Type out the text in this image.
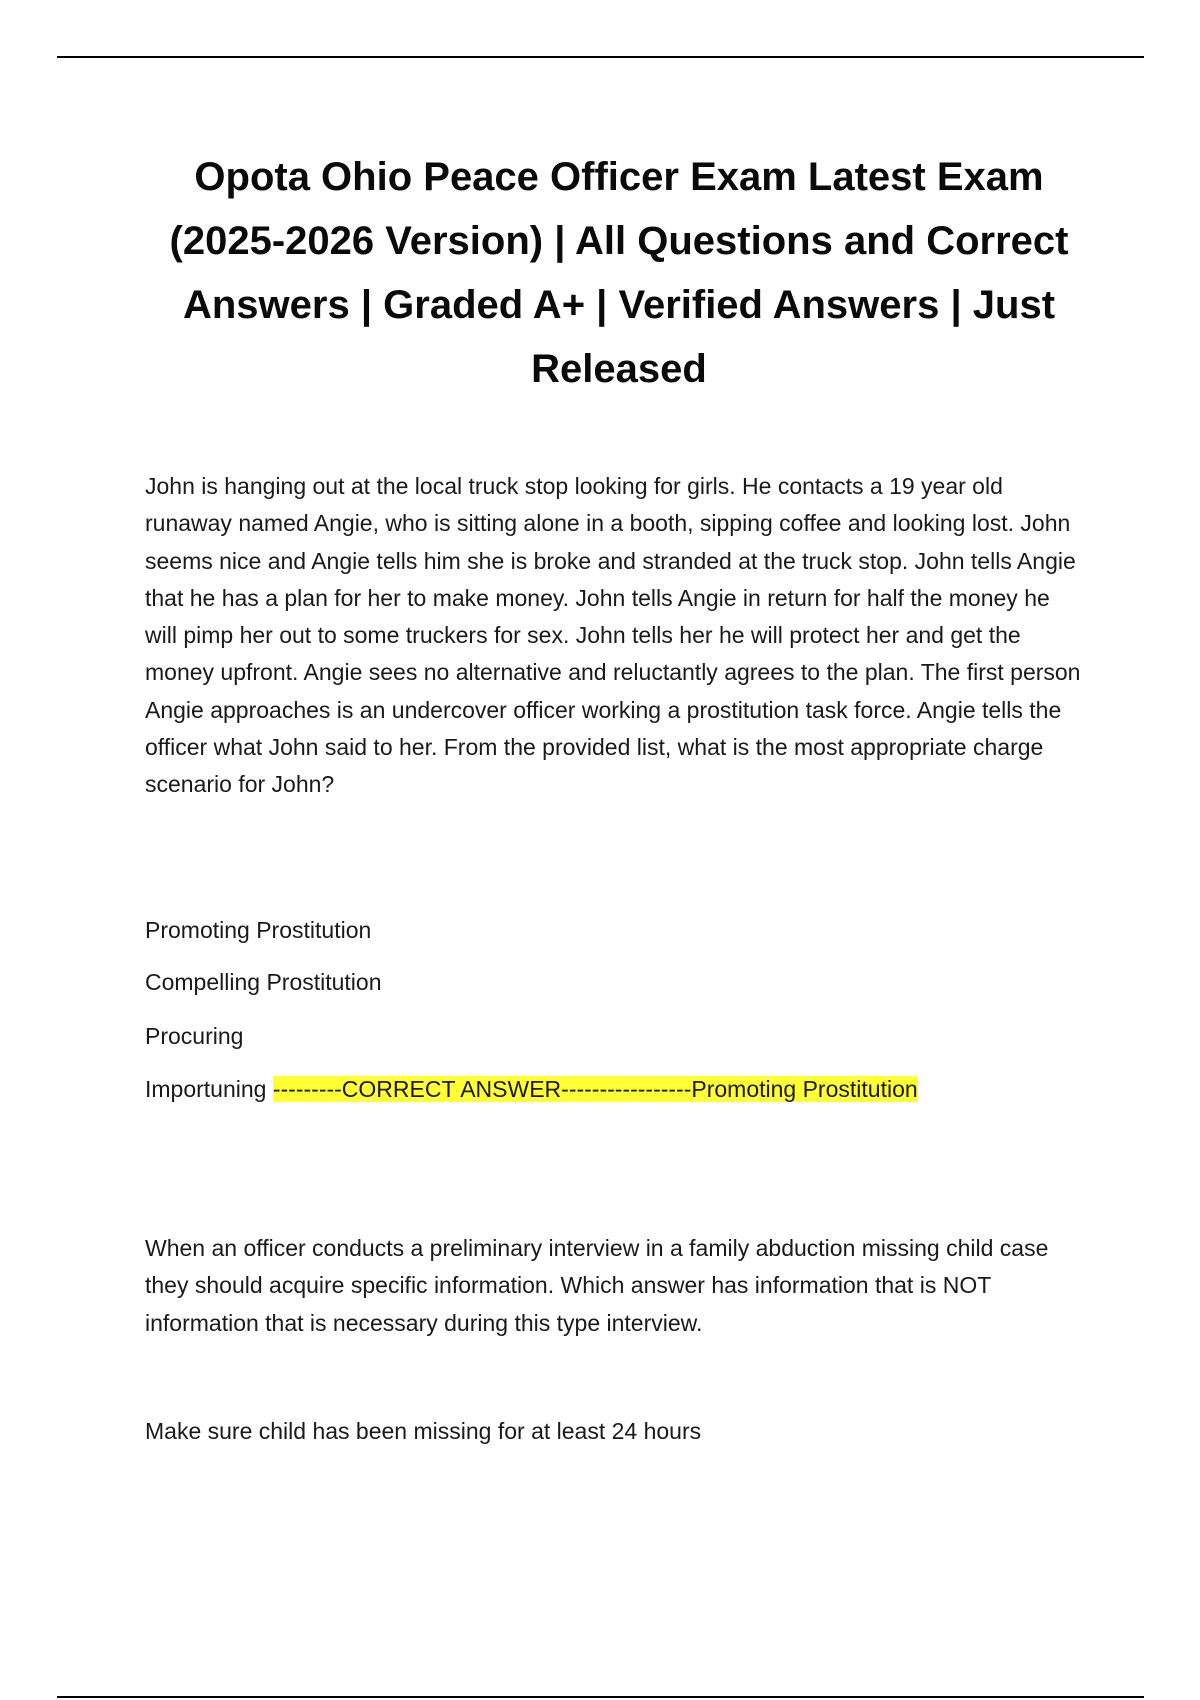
Opota Ohio Peace Officer Exam Latest Exam (2025-2026 Version) | All Questions and Correct Answers | Graded A+ | Verified Answers | Just Released

John is hanging out at the local truck stop looking for girls. He contacts a 19 year old runaway named Angie, who is sitting alone in a booth, sipping coffee and looking lost. John seems nice and Angie tells him she is broke and stranded at the truck stop. John tells Angie that he has a plan for her to make money. John tells Angie in return for half the money he will pimp her out to some truckers for sex. John tells her he will protect her and get the money upfront. Angie sees no alternative and reluctantly agrees to the plan. The first person Angie approaches is an undercover officer working a prostitution task force. Angie tells the officer what John said to her. From the provided list, what is the most appropriate charge scenario for John?

Promoting Prostitution

Compelling Prostitution

Procuring

Importuning ---------CORRECT ANSWER-----------------Promoting Prostitution

When an officer conducts a preliminary interview in a family abduction missing child case they should acquire specific information. Which answer has information that is NOT information that is necessary during this type interview.

Make sure child has been missing for at least 24 hours
